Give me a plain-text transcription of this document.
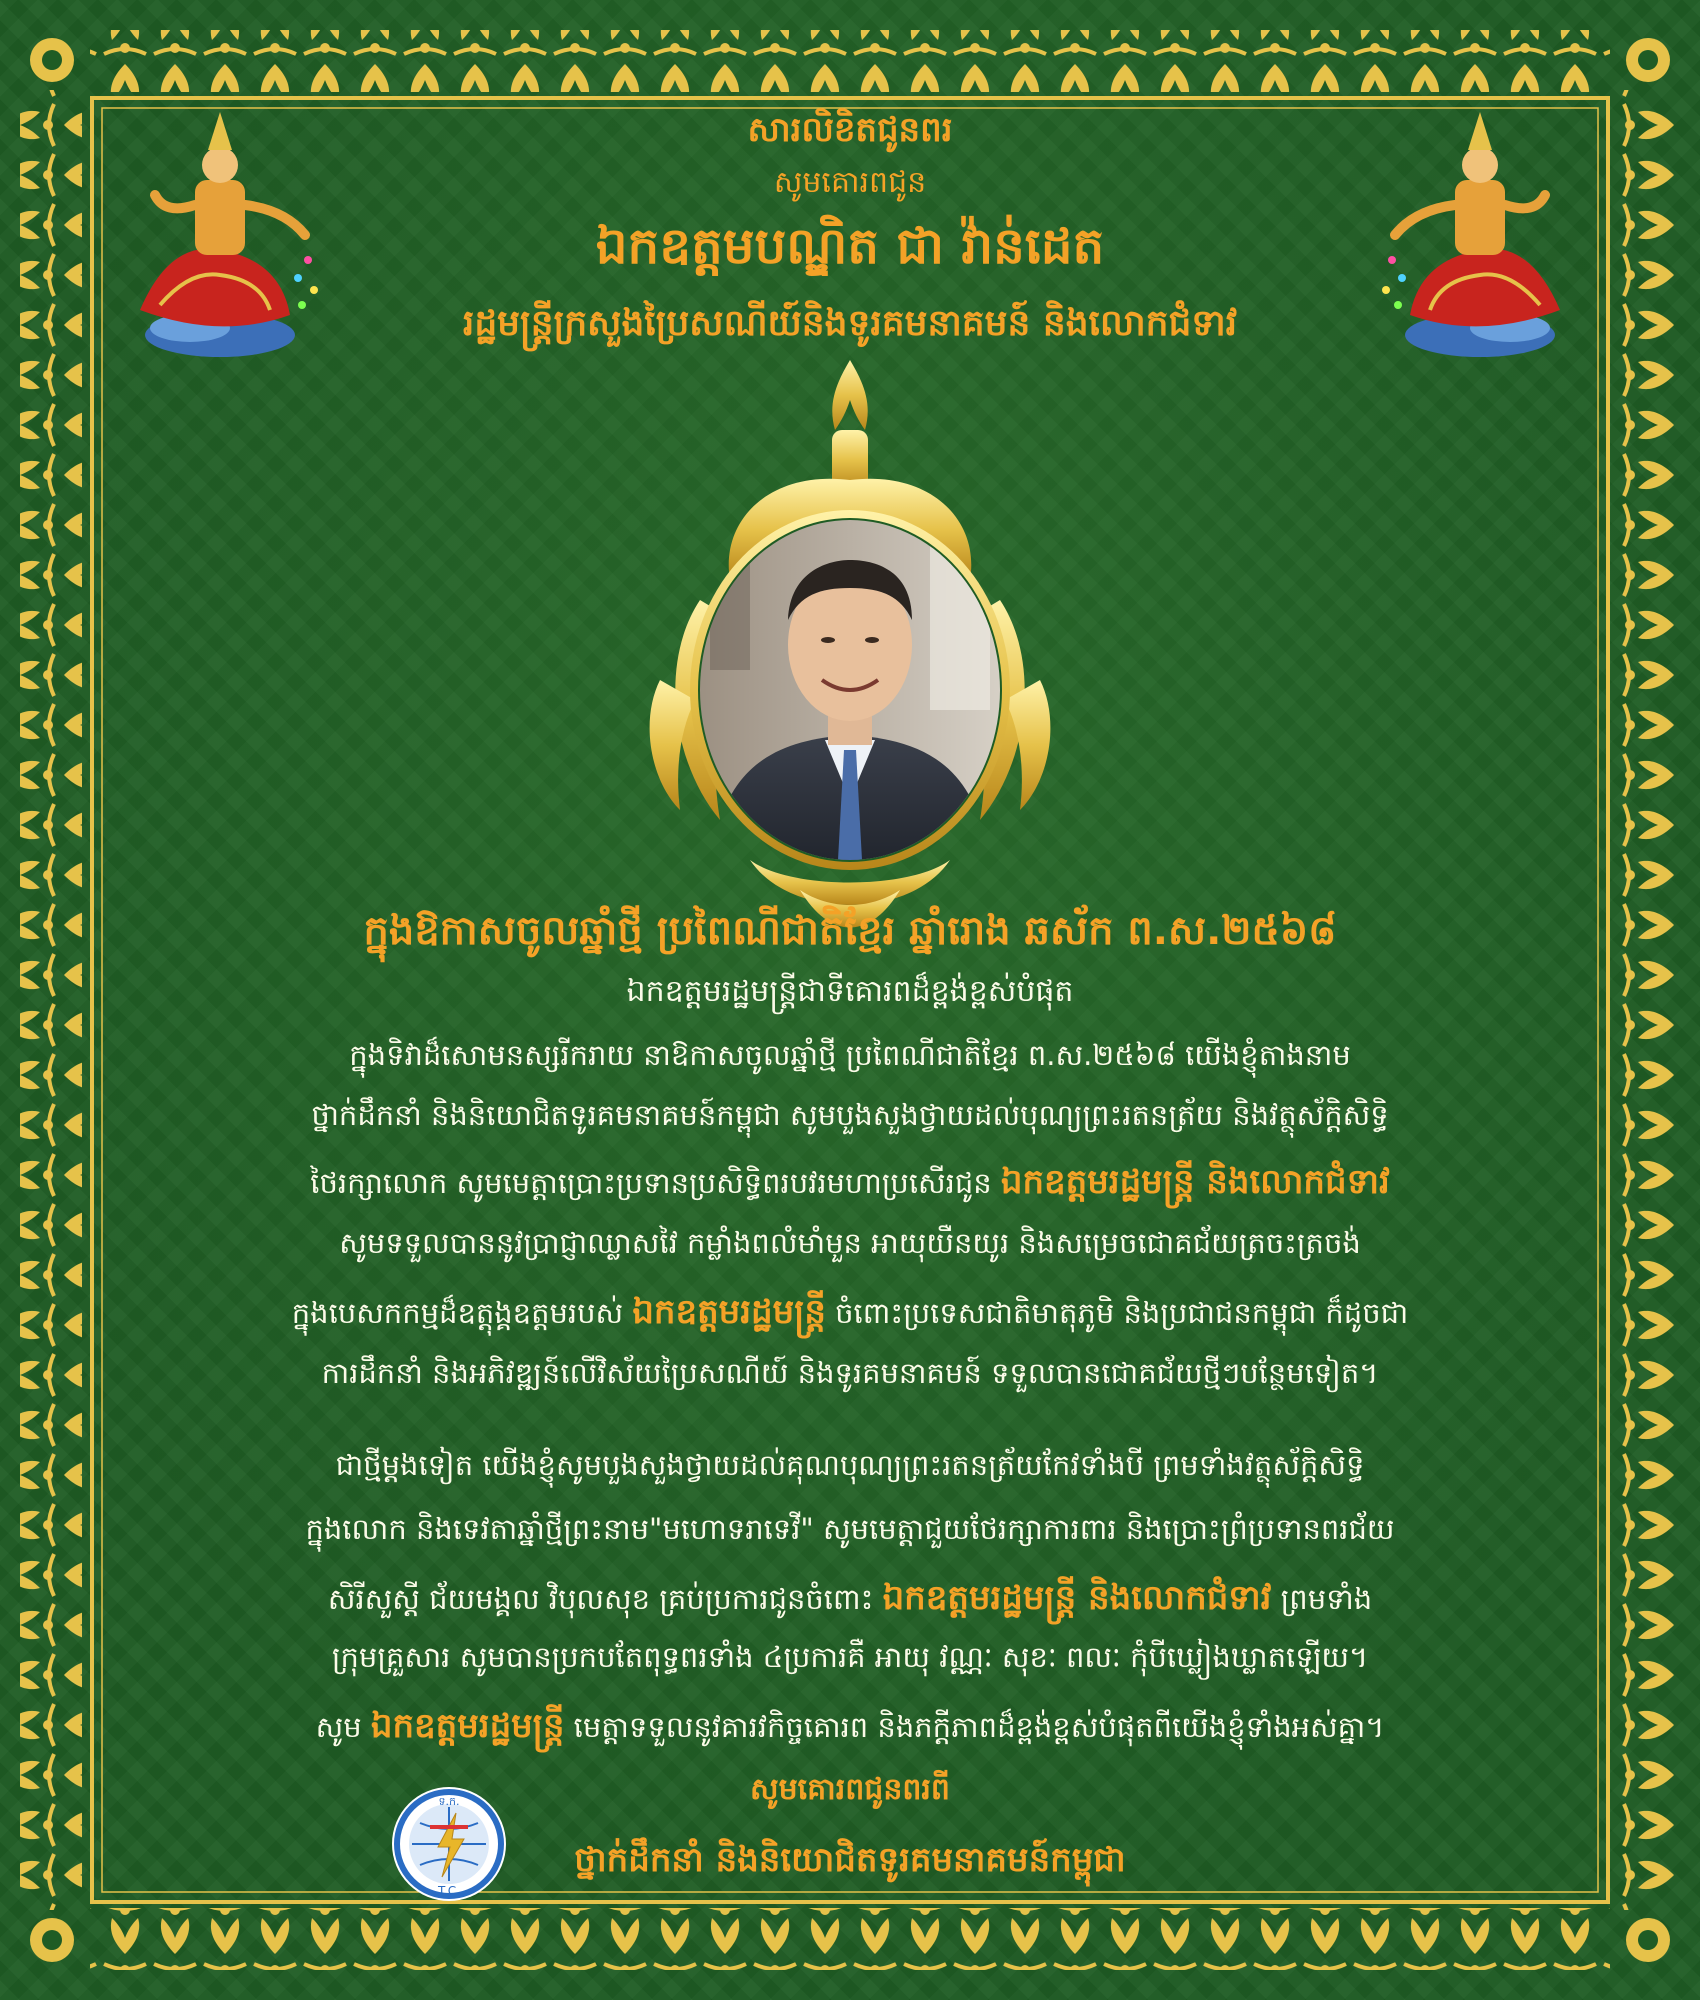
សារលិខិតជូនពរ
សូមគោរពជូន
ឯកឧត្តមបណ្ឌិត ជា វ៉ាន់ដេត
រដ្ឋមន្ត្រីក្រសួងប្រៃសណីយ៍និងទូរគមនាគមន៍ និងលោកជំទាវ
ក្នុងឱកាសចូលឆ្នាំថ្មី ប្រពៃណីជាតិខ្មែរ ឆ្នាំរោង ឆស័ក ព.ស.២៥៦៨
ឯកឧត្តមរដ្ឋមន្ត្រីជាទីគោរពដ៏ខ្ពង់ខ្ពស់បំផុត
ក្នុងទិវាដ៏សោមនស្សរីករាយ នាឱកាសចូលឆ្នាំថ្មី ប្រពៃណីជាតិខ្មែរ ព.ស.២៥៦៨ យើងខ្ញុំតាងនាម
ថ្នាក់ដឹកនាំ និងនិយោជិតទូរគមនាគមន៍កម្ពុជា សូមបួងសួងថ្វាយដល់បុណ្យព្រះរតនត្រ័យ និងវត្ថុស័ក្តិសិទ្ធិ
ថៃរក្សាលោក សូមមេត្តាប្រោះប្រទានប្រសិទ្ធិពរបវរមហាប្រសើរជូន ឯកឧត្តមរដ្ឋមន្ត្រី និងលោកជំទាវ
សូមទទួលបាននូវប្រាជ្ញាឈ្លាសវៃ កម្លាំងពលំមាំមួន អាយុយឺនយូរ និងសម្រេចជោគជ័យត្រចះត្រចង់
ក្នុងបេសកកម្មដ៏ឧត្តុង្គឧត្តមរបស់ ឯកឧត្តមរដ្ឋមន្ត្រី ចំពោះប្រទេសជាតិមាតុភូមិ និងប្រជាជនកម្ពុជា ក៏ដូចជា
ការដឹកនាំ និងអភិវឌ្ឍន៍លើវិស័យប្រៃសណីយ៍ និងទូរគមនាគមន៍ ទទួលបានជោគជ័យថ្មីៗបន្ថែមទៀត។
ជាថ្មីម្តងទៀត យើងខ្ញុំសូមបួងសួងថ្វាយដល់គុណបុណ្យព្រះរតនត្រ័យកែវទាំងបី ព្រមទាំងវត្ថុស័ក្តិសិទ្ធិ
ក្នុងលោក និងទេវតាឆ្នាំថ្មីព្រះនាម"មហោទរាទេវី" សូមមេត្តាជួយថែរក្សាការពារ និងប្រោះព្រំប្រទានពរជ័យ
សិរីសួស្តី ជ័យមង្គល វិបុលសុខ គ្រប់ប្រការជូនចំពោះ ឯកឧត្តមរដ្ឋមន្ត្រី និងលោកជំទាវ ព្រមទាំង
ក្រុមគ្រួសារ សូមបានប្រកបតែពុទ្ធពរទាំង ៤ប្រការគឺ អាយុ វណ្ណៈ សុខៈ ពលៈ កុំបីឃ្លៀងឃ្លាតឡើយ។
សូម ឯកឧត្តមរដ្ឋមន្ត្រី មេត្តាទទួលនូវគារវកិច្ចគោរព និងភក្តីភាពដ៏ខ្ពង់ខ្ពស់បំផុតពីយើងខ្ញុំទាំងអស់គ្នា។
សូមគោរពជូនពរពី
ថ្នាក់ដឹកនាំ និងនិយោជិតទូរគមនាគមន៍កម្ពុជា
ទ.ក.
T.C.
